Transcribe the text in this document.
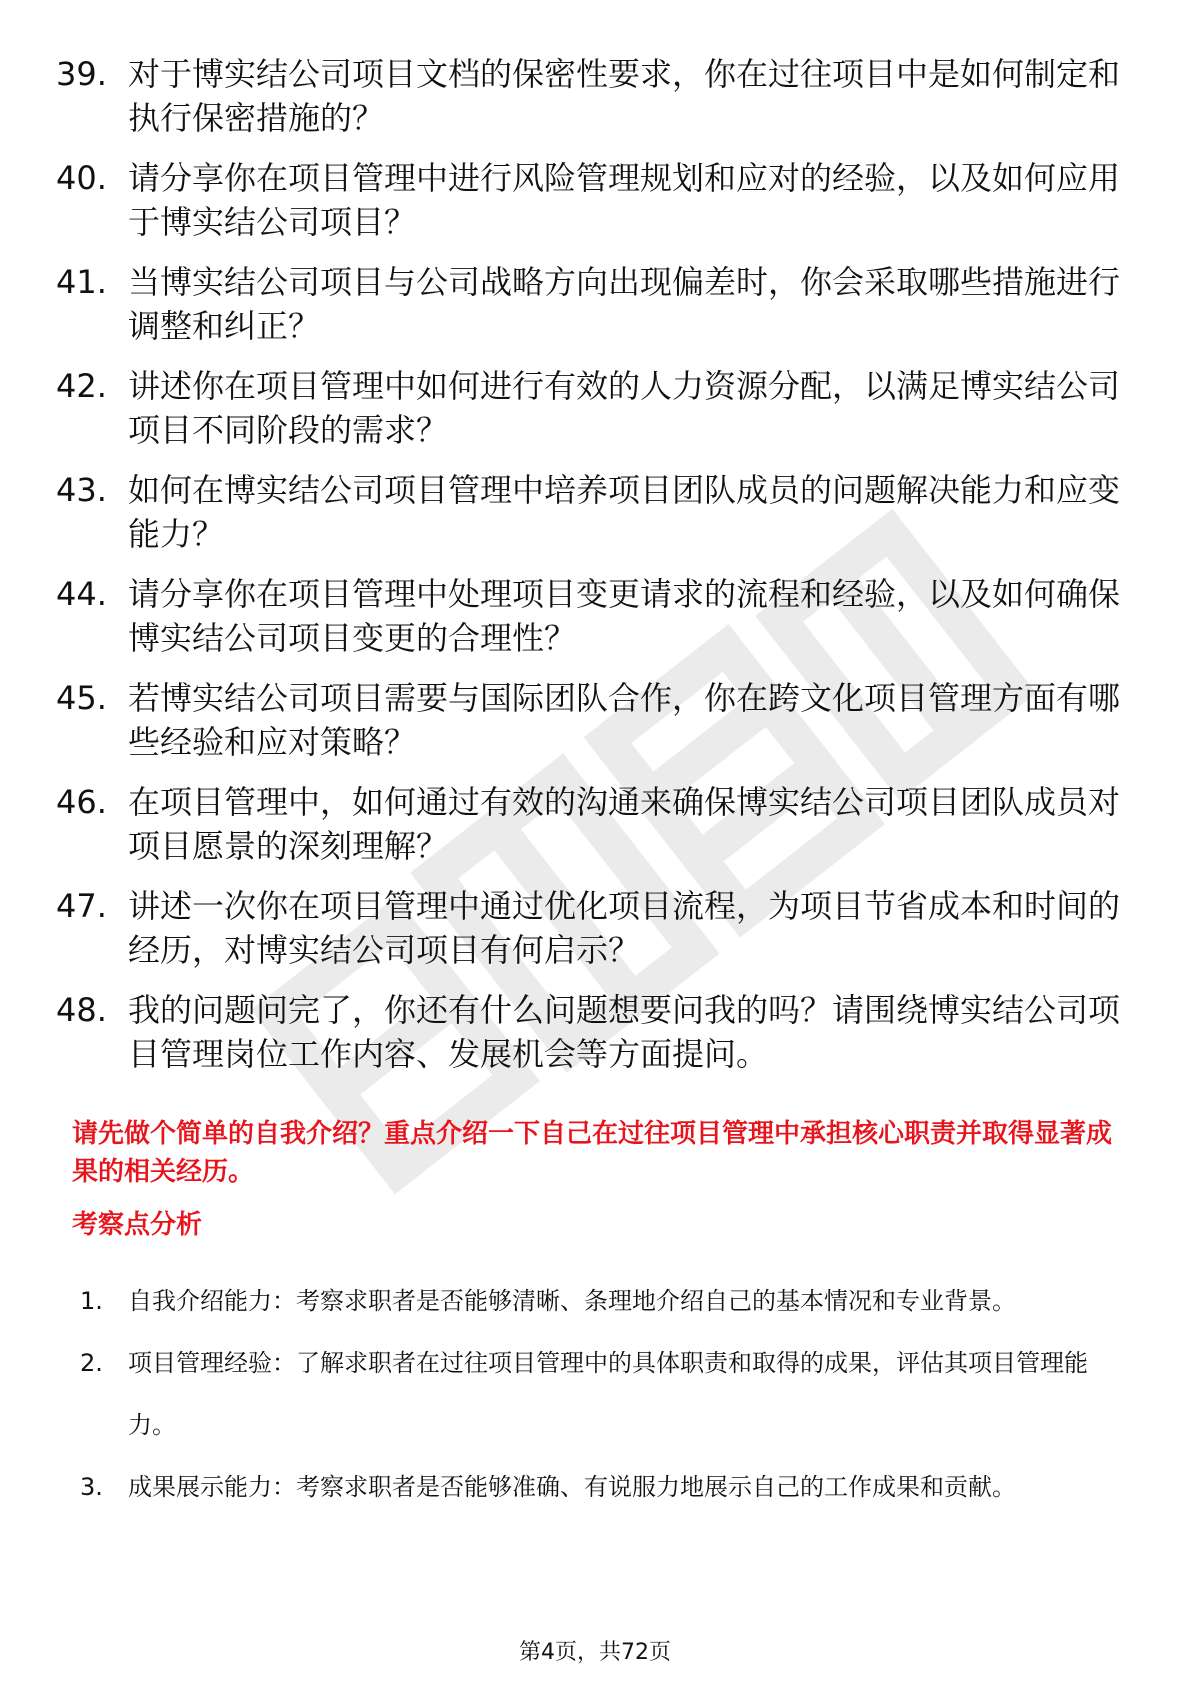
39. 对于博实结公司项目文档的保密性要求，你在过往项目中是如何制定和执行保密措施的？
40. 请分享你在项目管理中进行风险管理规划和应对的经验，以及如何应用于博实结公司项目？
41. 当博实结公司项目与公司战略方向出现偏差时，你会采取哪些措施进行调整和纠正？
42. 讲述你在项目管理中如何进行有效的人力资源分配，以满足博实结公司项目不同阶段的需求？
43. 如何在博实结公司项目管理中培养项目团队成员的问题解决能力和应变能力？
44. 请分享你在项目管理中处理项目变更请求的流程和经验，以及如何确保博实结公司项目变更的合理性？
45. 若博实结公司项目需要与国际团队合作，你在跨文化项目管理方面有哪些经验和应对策略？
46. 在项目管理中，如何通过有效的沟通来确保博实结公司项目团队成员对项目愿景的深刻理解？
47. 讲述一次你在项目管理中通过优化项目流程，为项目节省成本和时间的经历，对博实结公司项目有何启示？
48. 我的问题问完了，你还有什么问题想要问我的吗？请围绕博实结公司项目管理岗位工作内容、发展机会等方面提问。

请先做个简单的自我介绍？重点介绍一下自己在过往项目管理中承担核心职责并取得显著成果的相关经历。

考察点分析
1.	自我介绍能力：考察求职者是否能够清晰、条理地介绍自己的基本情况和专业背景。
2.	项目管理经验：了解求职者在过往项目管理中的具体职责和取得的成果，评估其项目管理能力。
3.	成果展示能力：考察求职者是否能够准确、有说服力地展示自己的工作成果和贡献。
第4页，共72页
